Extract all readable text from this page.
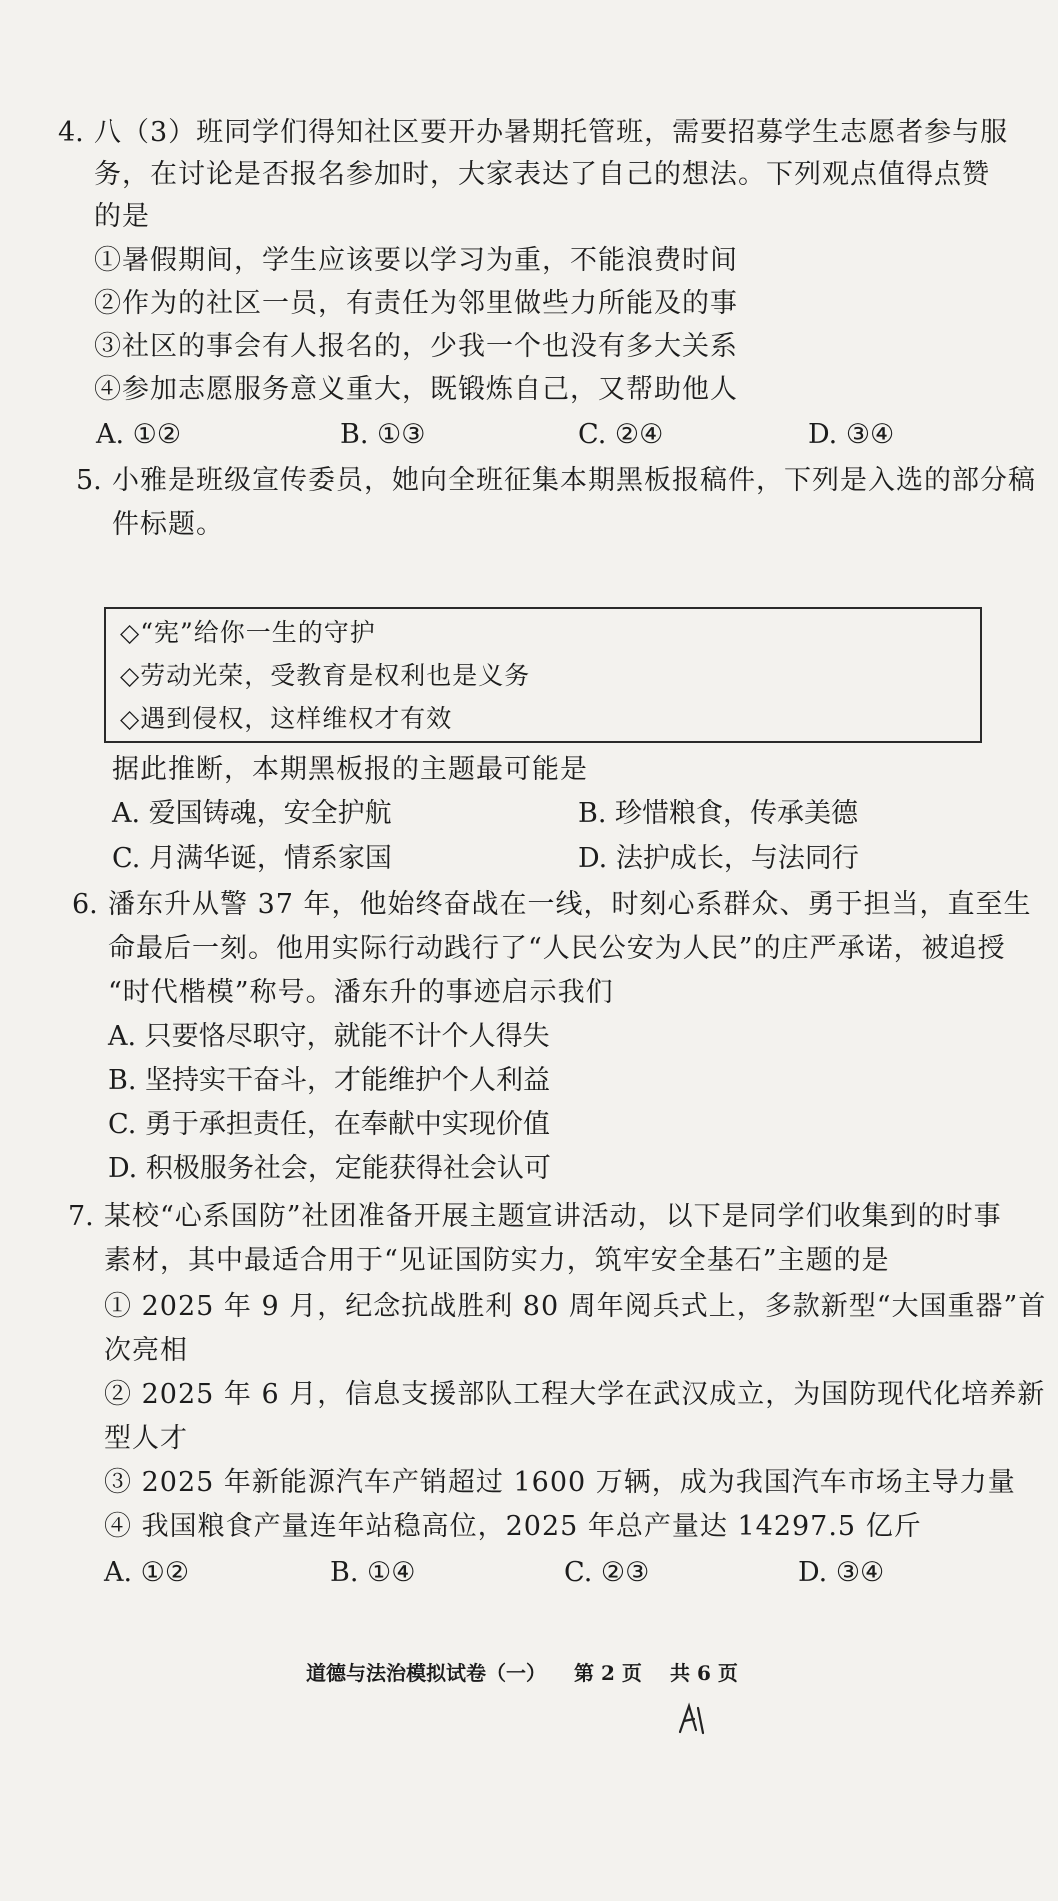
4. 八（3）班同学们得知社区要开办暑期托管班，需要招募学生志愿者参与服
务，在讨论是否报名参加时，大家表达了自己的想法。下列观点值得点赞
的是
①暑假期间，学生应该要以学习为重，不能浪费时间
②作为的社区一员，有责任为邻里做些力所能及的事
③社区的事会有人报名的，少我一个也没有多大关系
④参加志愿服务意义重大，既锻炼自己，又帮助他人
A. ①②	B. ①③	C. ②④	D. ③④
5. 小雅是班级宣传委员，她向全班征集本期黑板报稿件，下列是入选的部分稿
件标题。
◇“宪”给你一生的守护
◇劳动光荣，受教育是权利也是义务
◇遇到侵权，这样维权才有效
据此推断，本期黑板报的主题最可能是
A. 爱国铸魂，安全护航	B. 珍惜粮食，传承美德
C. 月满华诞，情系家国	D. 法护成长，与法同行
6. 潘东升从警 37 年，他始终奋战在一线，时刻心系群众、勇于担当，直至生
命最后一刻。他用实际行动践行了“人民公安为人民”的庄严承诺，被追授
“时代楷模”称号。潘东升的事迹启示我们
A. 只要恪尽职守，就能不计个人得失
B. 坚持实干奋斗，才能维护个人利益
C. 勇于承担责任，在奉献中实现价值
D. 积极服务社会，定能获得社会认可
7. 某校“心系国防”社团准备开展主题宣讲活动，以下是同学们收集到的时事
素材，其中最适合用于“见证国防实力，筑牢安全基石”主题的是
① 2025 年 9 月，纪念抗战胜利 80 周年阅兵式上，多款新型“大国重器”首
次亮相
② 2025 年 6 月，信息支援部队工程大学在武汉成立，为国防现代化培养新
型人才
③ 2025 年新能源汽车产销超过 1600 万辆，成为我国汽车市场主导力量
④ 我国粮食产量连年站稳高位，2025 年总产量达 14297.5 亿斤
A. ①②	B. ①④	C. ②③	D. ③④
道德与法治模拟试卷（一） 第 2 页 共 6 页
